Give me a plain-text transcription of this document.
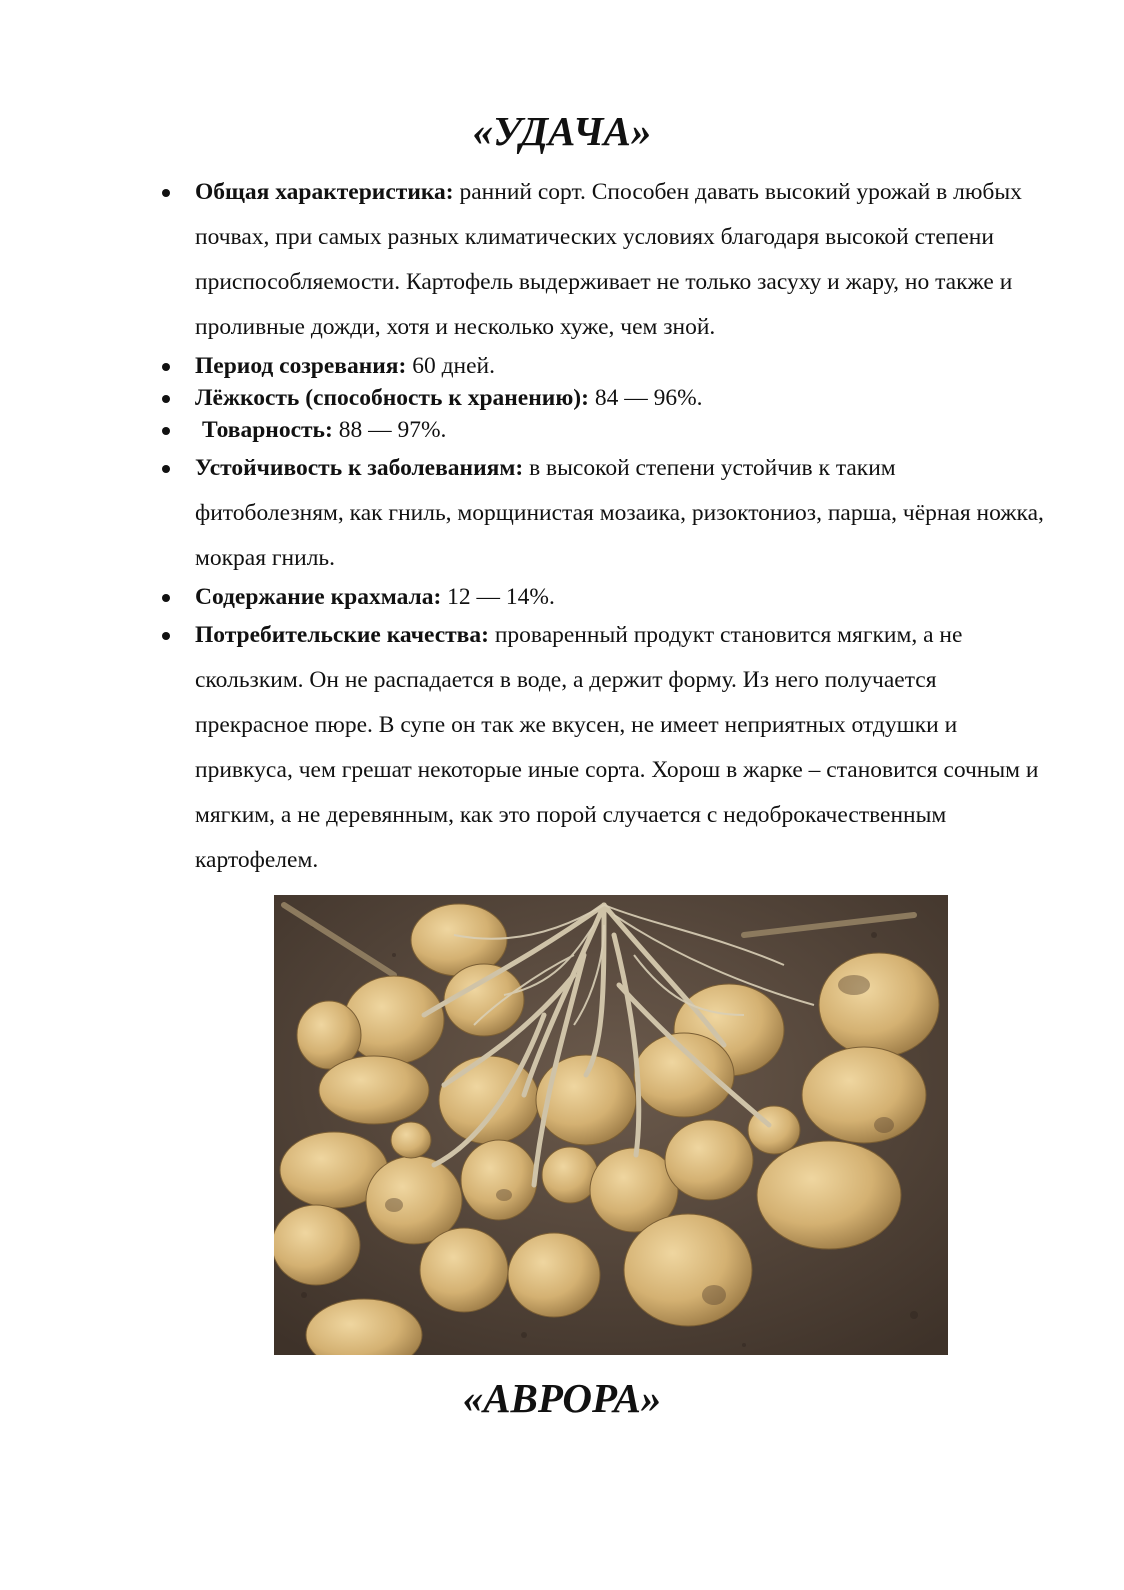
«УДАЧА»
Общая характеристика: ранний сорт. Способен давать высокий урожай в любых почвах, при самых разных климатических условиях благодаря высокой степени приспособляемости. Картофель выдерживает не только засуху и жару, но также и проливные дожди, хотя и несколько хуже, чем зной.
Период созревания: 60 дней.
Лёжкость (способность к хранению): 84 — 96%.
Товарность: 88 — 97%.
Устойчивость к заболеваниям: в высокой степени устойчив к таким фитоболезням, как гниль, морщинистая мозаика, ризоктониоз, парша, чёрная ножка, мокрая гниль.
Содержание крахмала: 12 — 14%.
Потребительские качества: проваренный продукт становится мягким, а не скользким. Он не распадается в воде, а держит форму. Из него получается прекрасное пюре. В супе он так же вкусен, не имеет неприятных отдушки и привкуса, чем грешат некоторые иные сорта. Хорош в жарке – становится сочным и мягким, а не деревянным, как это порой случается с недоброкачественным картофелем.
«АВРОРА»
